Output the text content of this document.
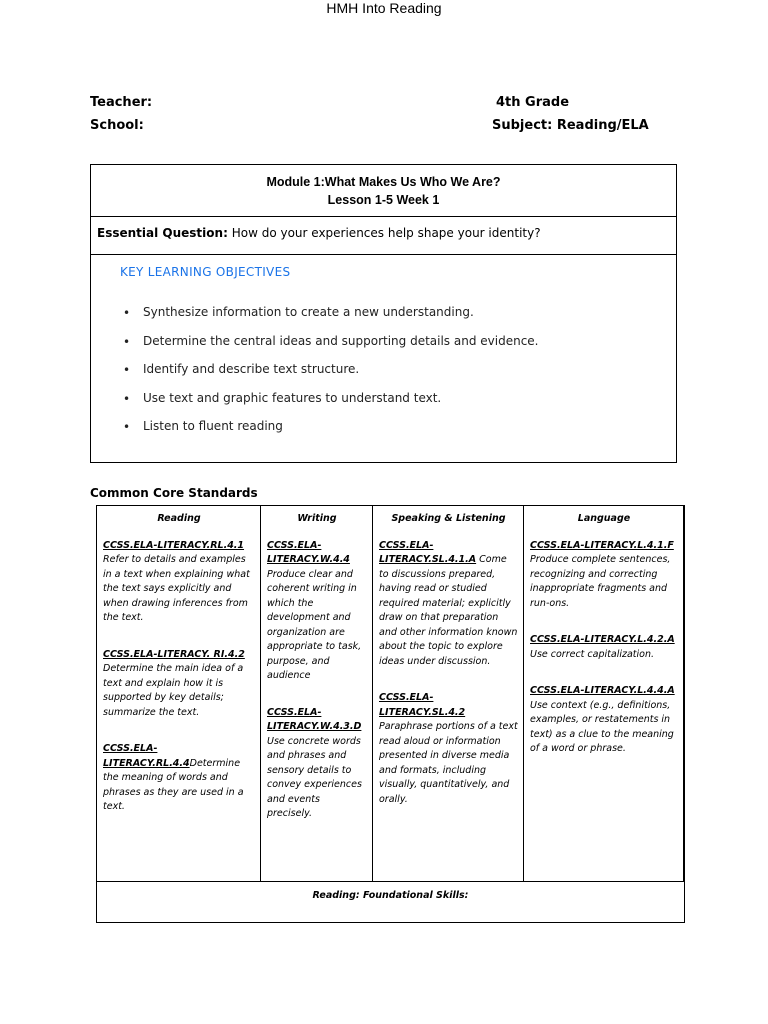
HMH Into Reading
Teacher:
School:
4th Grade
Subject: Reading/ELA
Module 1:What Makes Us Who We Are?
Lesson 1-5 Week 1
Essential Question: How do your experiences help shape your identity?
KEY LEARNING OBJECTIVES
• Synthesize information to create a new understanding.
• Determine the central ideas and supporting details and evidence.
• Identify and describe text structure.
• Use text and graphic features to understand text.
• Listen to fluent reading
Common Core Standards
Reading
CCSS.ELA-LITERACY.RL.4.1 Refer to details and examples in a text when explaining what the text says explicitly and when drawing inferences from the text.
CCSS.ELA-LITERACY. RI.4.2 Determine the main idea of a text and explain how it is supported by key details; summarize the text.
CCSS.ELA-LITERACY.RL.4.4Determine the meaning of words and phrases as they are used in a text.
Writing
CCSS.ELA-LITERACY.W.4.4 Produce clear and coherent writing in which the development and organization are appropriate to task, purpose, and audience
CCSS.ELA-LITERACY.W.4.3.D Use concrete words and phrases and sensory details to convey experiences and events precisely.
Speaking & Listening
CCSS.ELA-LITERACY.SL.4.1.A Come to discussions prepared, having read or studied required material; explicitly draw on that preparation and other information known about the topic to explore ideas under discussion.
CCSS.ELA-LITERACY.SL.4.2 Paraphrase portions of a text read aloud or information presented in diverse media and formats, including visually, quantitatively, and orally.
Language
CCSS.ELA-LITERACY.L.4.1.F Produce complete sentences, recognizing and correcting inappropriate fragments and run-ons.
CCSS.ELA-LITERACY.L.4.2.A Use correct capitalization.
CCSS.ELA-LITERACY.L.4.4.A Use context (e.g., definitions, examples, or restatements in text) as a clue to the meaning of a word or phrase.
Reading: Foundational Skills:
